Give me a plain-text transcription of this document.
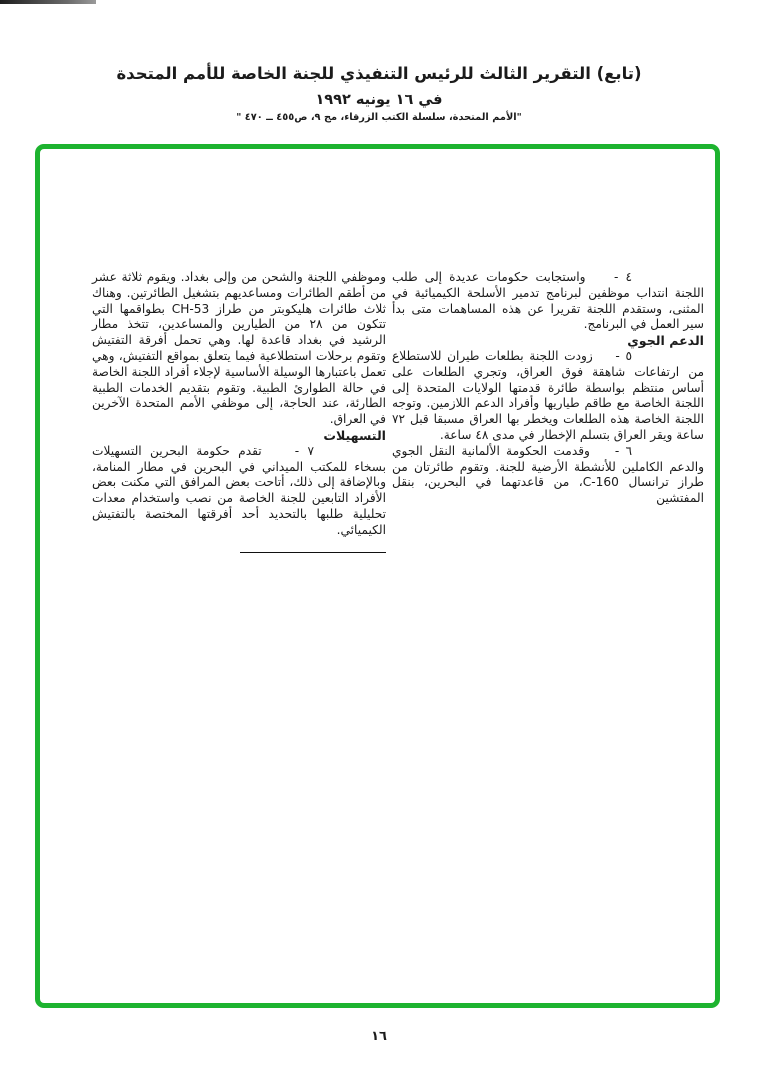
(تابع) التقرير الثالث للرئيس التنفيذي للجنة الخاصة للأمم المتحدة
في ١٦ يونيه ١٩٩٢
"الأمم المتحدة، سلسلة الكتب الزرقاء، مج ٩، ص٤٥٥ ــ ٤٧٠ "

٤ -    واستجابت حكومات عديدة إلى طلب اللجنة انتداب موظفين لبرنامج تدمير الأسلحة الكيميائية في المثنى، وستقدم اللجنة تقريرا عن هذه المساهمات متى بدأ سير العمل في البرنامج.

الدعم الجوي

٥ -    زودت اللجنة بطلعات طيران للاستطلاع من ارتفاعات شاهقة فوق العراق، وتجري الطلعات على أساس منتظم بواسطة طائرة قدمتها الولايات المتحدة إلى اللجنة الخاصة مع طاقم طياريها وأفراد الدعم اللازمين. وتوجه اللجنة الخاصة هذه الطلعات ويخطر بها العراق مسبقا قبل ٧٢ ساعة ويقر العراق بتسلم الإخطار في مدى ٤٨ ساعة.

٦ -    وقدمت الحكومة الألمانية النقل الجوي والدعم الكاملين للأنشطة الأرضية للجنة. وتقوم طائرتان من طراز ترانسال C-160، من قاعدتهما في البحرين، بنقل المفتشين

وموظفي اللجنة والشحن من وإلى بغداد. ويقوم ثلاثة عشر من أطقم الطائرات ومساعديهم بتشغيل الطائرتين. وهناك ثلاث طائرات هليكوبتر من طراز CH-53 بطواقمها التي تتكون من ٢٨ من الطيارين والمساعدين، تتخذ مطار الرشيد في بغداد قاعدة لها. وهي تحمل أفرقة التفتيش وتقوم برحلات استطلاعية فيما يتعلق بمواقع التفتيش، وهي تعمل باعتبارها الوسيلة الأساسية لإجلاء أفراد اللجنة الخاصة في حالة الطوارئ الطبية. وتقوم بتقديم الخدمات الطبية الطارئة، عند الحاجة، إلى موظفي الأمم المتحدة الآخرين في العراق.

التسهيلات

٧ -    تقدم حكومة البحرين التسهيلات بسخاء للمكتب الميداني في البحرين في مطار المنامة، وبالإضافة إلى ذلك، أتاحت بعض المرافق التي مكنت بعض الأفراد التابعين للجنة الخاصة من نصب واستخدام معدات تحليلية طلبها بالتحديد أحد أفرقتها المختصة بالتفتيش الكيميائي.

١٦
